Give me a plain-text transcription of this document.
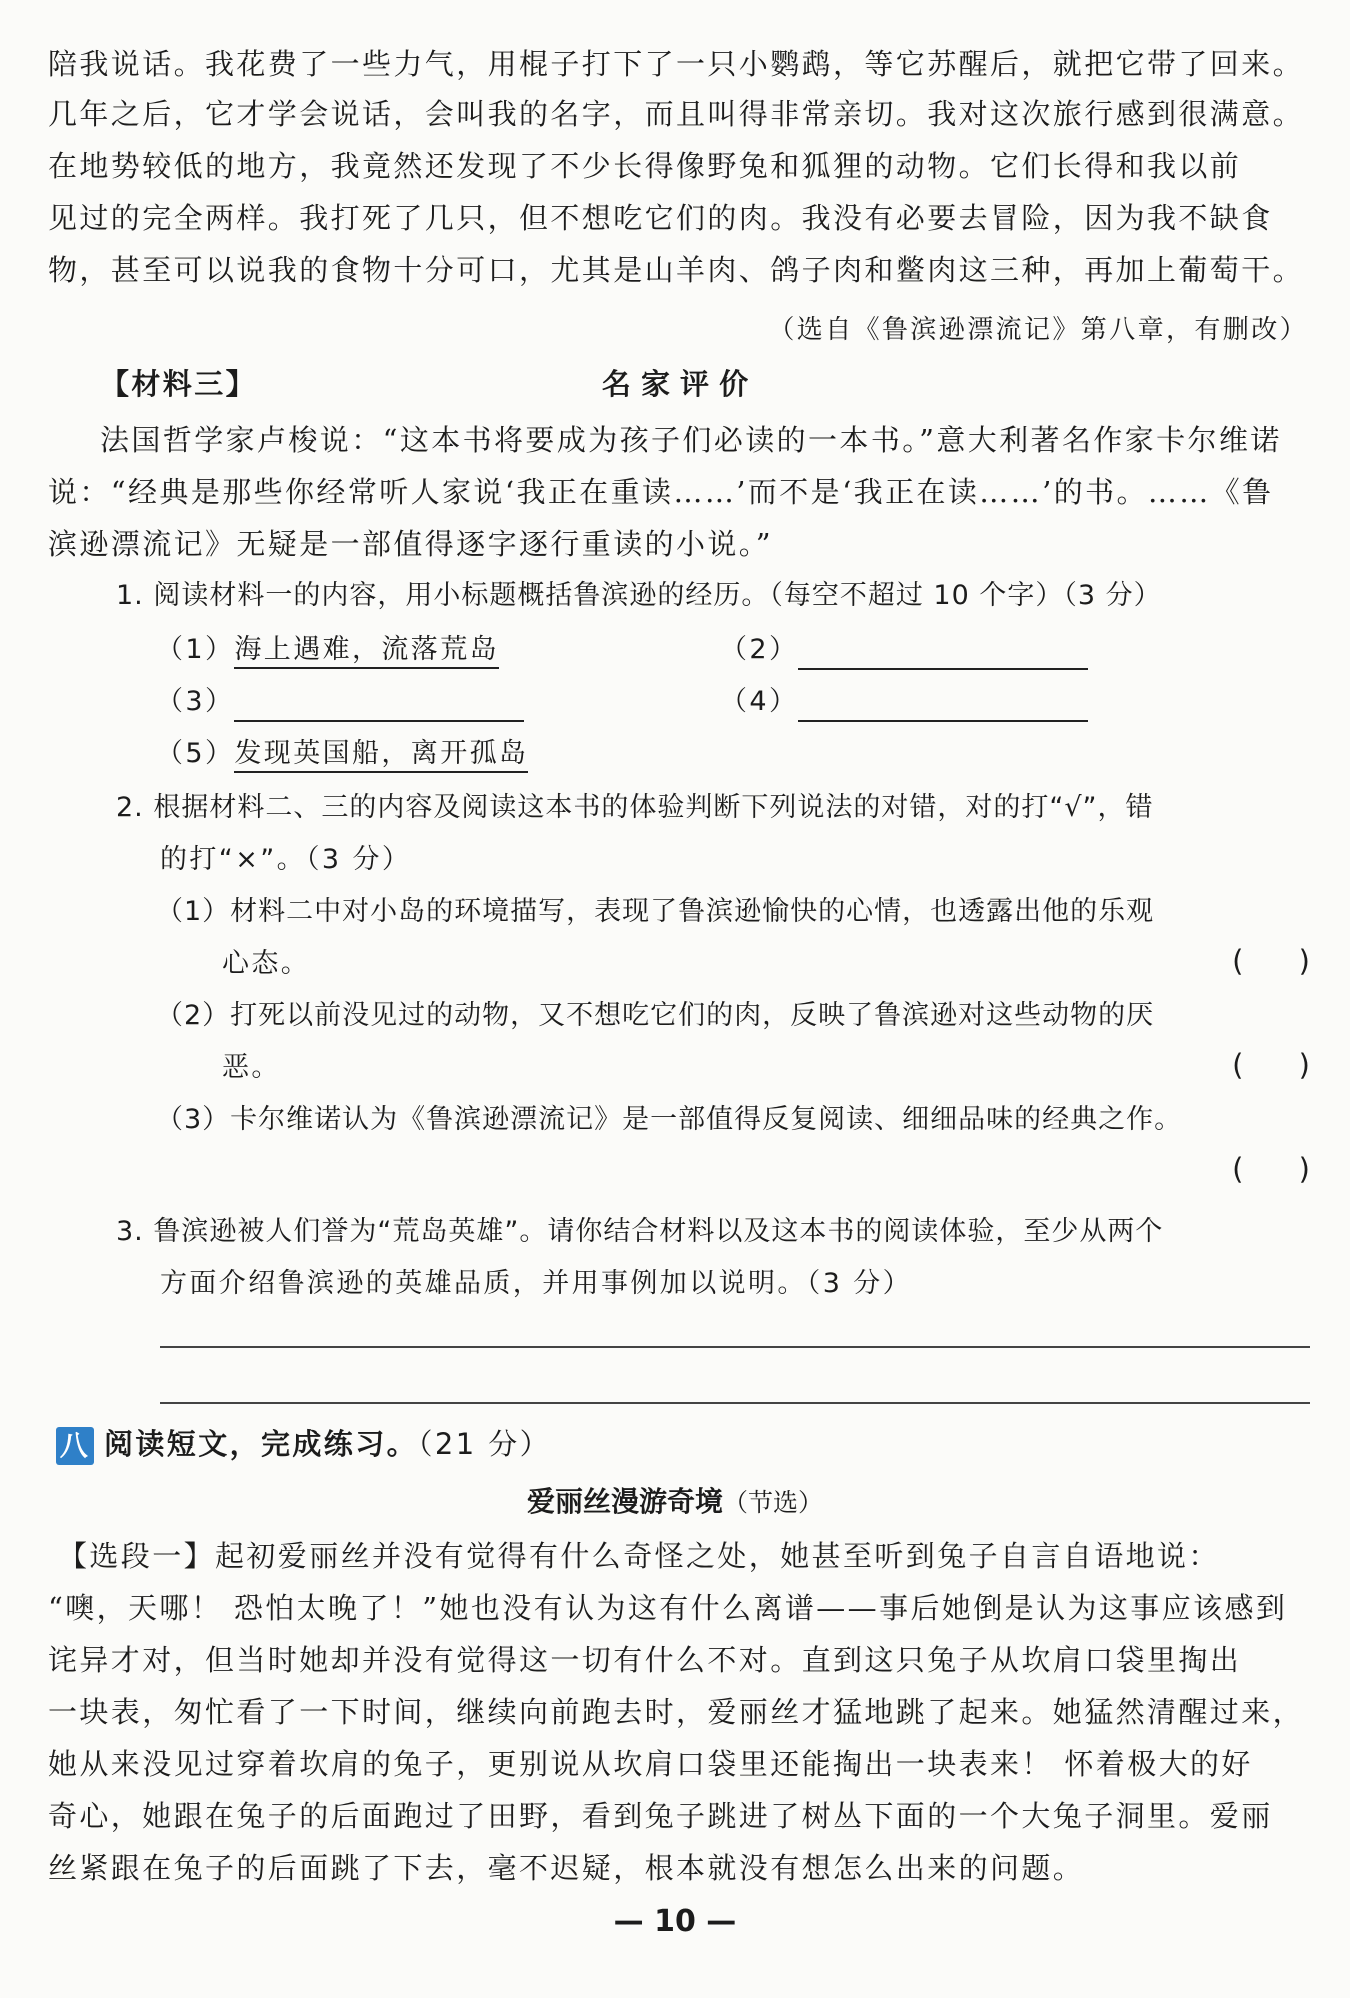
陪我说话。我花费了一些力气，用棍子打下了一只小鹦鹉，等它苏醒后，就把它带了回来。
几年之后，它才学会说话，会叫我的名字，而且叫得非常亲切。我对这次旅行感到很满意。
在地势较低的地方，我竟然还发现了不少长得像野兔和狐狸的动物。它们长得和我以前
见过的完全两样。我打死了几只，但不想吃它们的肉。我没有必要去冒险，因为我不缺食
物，甚至可以说我的食物十分可口，尤其是山羊肉、鸽子肉和鳖肉这三种，再加上葡萄干。
（选自《鲁滨逊漂流记》第八章，有删改）
【材料三】	名 家 评 价
法国哲学家卢梭说：“这本书将要成为孩子们必读的一本书。”意大利著名作家卡尔维诺
说：“经典是那些你经常听人家说‘我正在重读……’而不是‘我正在读……’的书。……《鲁
滨逊漂流记》无疑是一部值得逐字逐行重读的小说。”
1. 阅读材料一的内容，用小标题概括鲁滨逊的经历。（每空不超过 10 个字）（3 分）
（1）海上遇难，流落荒岛	（2）
（3）	（4）
（5）发现英国船，离开孤岛
2. 根据材料二、三的内容及阅读这本书的体验判断下列说法的对错，对的打“√”，错
的打“×”。（3 分）
（1）材料二中对小岛的环境描写，表现了鲁滨逊愉快的心情，也透露出他的乐观
心态。	(      )
（2）打死以前没见过的动物，又不想吃它们的肉，反映了鲁滨逊对这些动物的厌
恶。	(      )
（3）卡尔维诺认为《鲁滨逊漂流记》是一部值得反复阅读、细细品味的经典之作。
(      )
3. 鲁滨逊被人们誉为“荒岛英雄”。请你结合材料以及这本书的阅读体验，至少从两个
方面介绍鲁滨逊的英雄品质，并用事例加以说明。（3 分）
八 阅读短文，完成练习。（21 分）
爱丽丝漫游奇境（节选）
【选段一】起初爱丽丝并没有觉得有什么奇怪之处，她甚至听到兔子自言自语地说：
“噢，天哪！ 恐怕太晚了！”她也没有认为这有什么离谱——事后她倒是认为这事应该感到
诧异才对，但当时她却并没有觉得这一切有什么不对。直到这只兔子从坎肩口袋里掏出
一块表，匆忙看了一下时间，继续向前跑去时，爱丽丝才猛地跳了起来。她猛然清醒过来，
她从来没见过穿着坎肩的兔子，更别说从坎肩口袋里还能掏出一块表来！ 怀着极大的好
奇心，她跟在兔子的后面跑过了田野，看到兔子跳进了树丛下面的一个大兔子洞里。爱丽
丝紧跟在兔子的后面跳了下去，毫不迟疑，根本就没有想怎么出来的问题。
— 10 —
